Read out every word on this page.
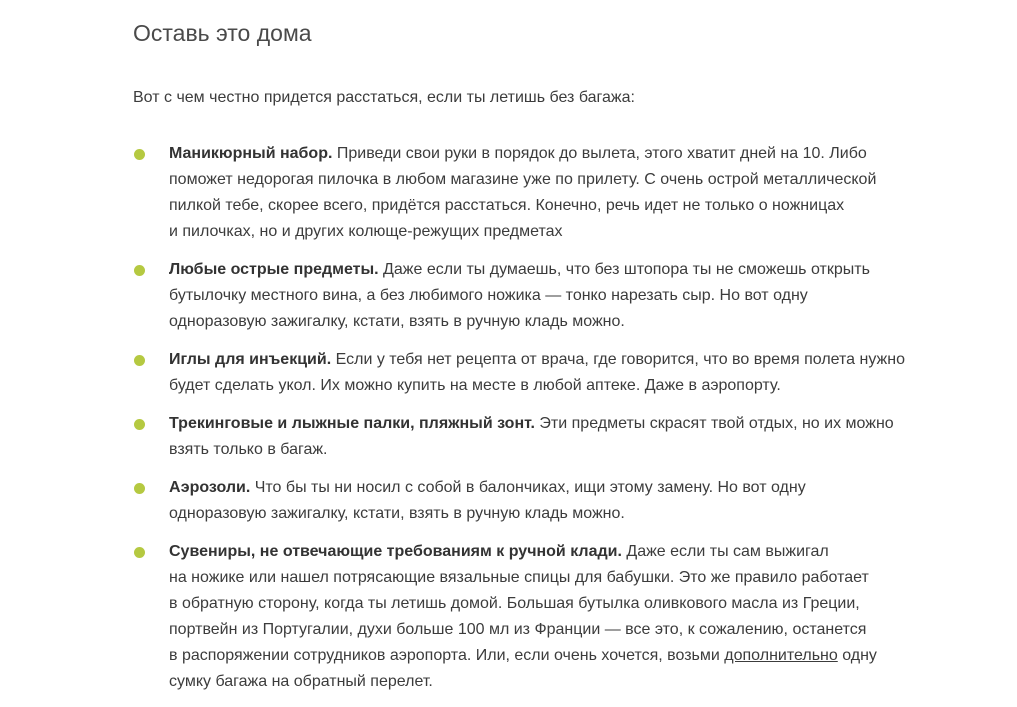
Оставь это дома

Вот с чем честно придется расстаться, если ты летишь без багажа:

Маникюрный набор. Приведи свои руки в порядок до вылета, этого хватит дней на 10. Либо
поможет недорогая пилочка в любом магазине уже по прилету. С очень острой металлической
пилкой тебе, скорее всего, придётся расстаться. Конечно, речь идет не только о ножницах
и пилочках, но и других колюще-режущих предметах
Любые острые предметы. Даже если ты думаешь, что без штопора ты не сможешь открыть
бутылочку местного вина, а без любимого ножика — тонко нарезать сыр. Но вот одну
одноразовую зажигалку, кстати, взять в ручную кладь можно.
Иглы для инъекций. Если у тебя нет рецепта от врача, где говорится, что во время полета нужно
будет сделать укол. Их можно купить на месте в любой аптеке. Даже в аэропорту.
Трекинговые и лыжные палки, пляжный зонт. Эти предметы скрасят твой отдых, но их можно
взять только в багаж.
Аэрозоли. Что бы ты ни носил с собой в балончиках, ищи этому замену. Но вот одну
одноразовую зажигалку, кстати, взять в ручную кладь можно.
Сувениры, не отвечающие требованиям к ручной клади. Даже если ты сам выжигал
на ножике или нашел потрясающие вязальные спицы для бабушки. Это же правило работает
в обратную сторону, когда ты летишь домой. Большая бутылка оливкового масла из Греции,
портвейн из Португалии, духи больше 100 мл из Франции — все это, к сожалению, останется
в распоряжении сотрудников аэропорта. Или, если очень хочется, возьми дополнительно одну
сумку багажа на обратный перелет.
